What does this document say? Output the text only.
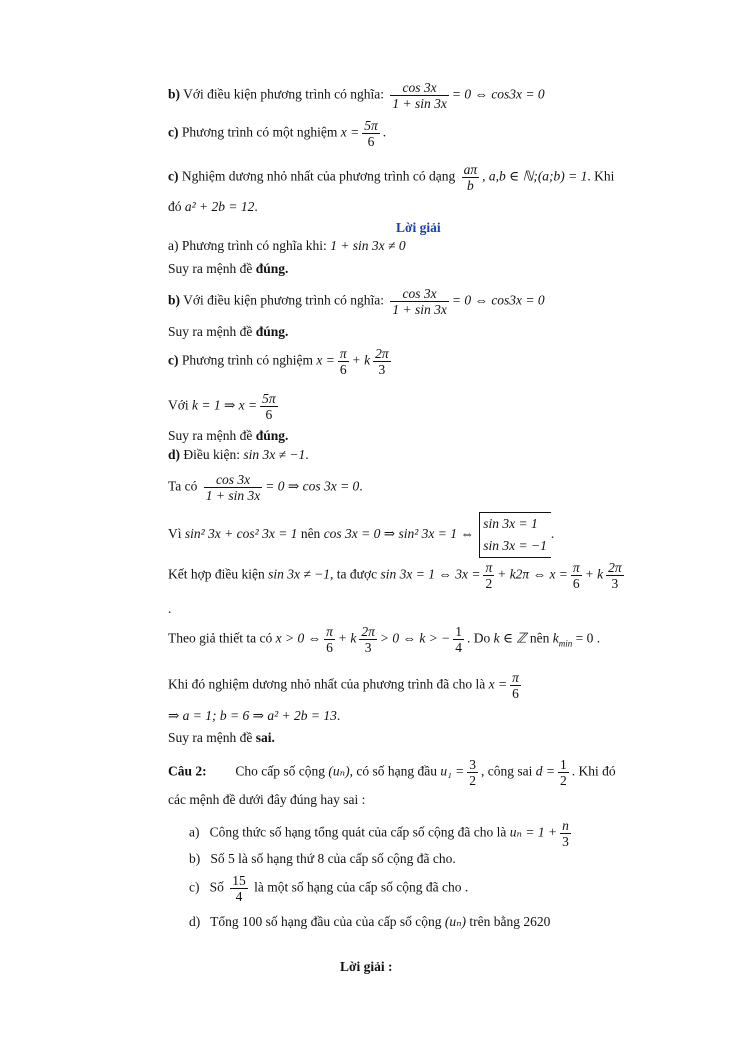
b) Với điều kiện phương trình có nghĩa: $\frac{\cos 3x}{1 + \sin 3x} = 0$ ⇔ cos3x = 0
c) Phương trình có một nghiệm $x = \frac{5\pi}{6}$ .
c) Nghiệm dương nhỏ nhất của phương trình có dạng $\frac{a\pi}{b}$ , a,b ∈ ℕ;(a;b) = 1. Khi
đó a² + 2b = 12.
Lời giải
a) Phương trình có nghĩa khi: 1 + sin 3x ≠ 0
Suy ra mệnh đề đúng.
b) Với điều kiện phương trình có nghĩa: $\frac{\cos 3x}{1 + \sin 3x} = 0$ ⇔ cos3x = 0
Suy ra mệnh đề đúng.
c) Phương trình có nghiệm $x = \frac{\pi}{6} + k \frac{2\pi}{3}$
Với k = 1 ⇒ $x = \frac{5\pi}{6}$
Suy ra mệnh đề đúng.
d) Điều kiện: sin 3x ≠ −1.
Ta có $\frac{\cos 3x}{1 + \sin 3x} = 0$ ⇒ cos 3x = 0.
Vì sin² 3x + cos² 3x = 1 nên cos 3x = 0 ⇒ sin² 3x = 1 ⇔
sin 3x = 1
sin 3x = −1
.
Kết hợp điều kiện sin 3x ≠ −1, ta được sin 3x = 1 ⇔ $3x = \frac{\pi}{2} + k2\pi$ ⇔ $x = \frac{\pi}{6} + k \frac{2\pi}{3}$
.
Theo giả thiết ta có x > 0 ⇔ $\frac{\pi}{6} + k \frac{2\pi}{3} > 0$ ⇔ k > − $\frac{1}{4}$ . Do k ∈ ℤ nên $k_{min} = 0$ .
Khi đó nghiệm dương nhỏ nhất của phương trình đã cho là $x = \frac{\pi}{6}$
⇒ a = 1; b = 6 ⇒ a² + 2b = 13.
Suy ra mệnh đề sai.
Câu 2: Cho cấp số cộng (uₙ), có số hạng đầu $u_1 = \frac{3}{2}$ , công sai $d = \frac{1}{2}$ . Khi đó
các mệnh đề dưới đây đúng hay sai :
a) Công thức số hạng tổng quát của cấp số cộng đã cho là $u_n = 1 + \frac{n}{3}$
b) Số 5 là số hạng thứ 8 của cấp số cộng đã cho.
c) Số $\frac{15}{4}$ là một số hạng của cấp số cộng đã cho .
d) Tổng 100 số hạng đầu của của cấp số cộng (uₙ) trên bằng 2620
Lời giải :
